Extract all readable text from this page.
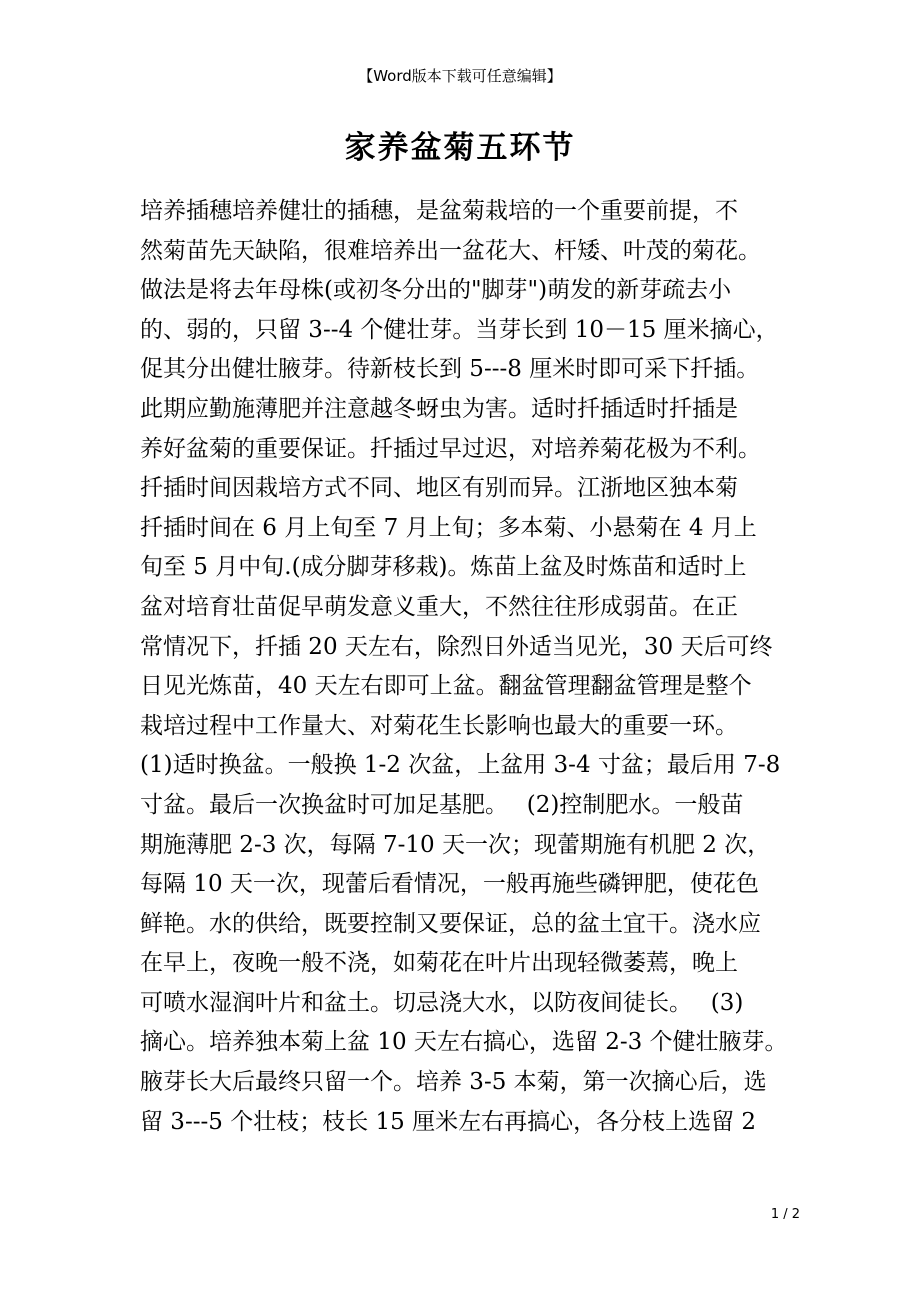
【Word版本下载可任意编辑】
家养盆菊五环节
培养插穗培养健壮的插穗，是盆菊栽培的一个重要前提，不
然菊苗先天缺陷，很难培养出一盆花大、杆矮、叶茂的菊花。
做法是将去年母株(或初冬分出的"脚芽")萌发的新芽疏去小
的、弱的，只留 3--4 个健壮芽。当芽长到 10－15 厘米摘心，
促其分出健壮腋芽。待新枝长到 5---8 厘米时即可采下扦插。
此期应勤施薄肥并注意越冬蚜虫为害。适时扦插适时扦插是
养好盆菊的重要保证。扦插过早过迟，对培养菊花极为不利。
扦插时间因栽培方式不同、地区有别而异。江浙地区独本菊
扦插时间在 6 月上旬至 7 月上旬；多本菊、小悬菊在 4 月上
旬至 5 月中旬.(成分脚芽移栽)。炼苗上盆及时炼苗和适时上
盆对培育壮苗促早萌发意义重大，不然往往形成弱苗。在正
常情况下，扦插 20 天左右，除烈日外适当见光，30 天后可终
日见光炼苗，40 天左右即可上盆。翻盆管理翻盆管理是整个
栽培过程中工作量大、对菊花生长影响也最大的重要一环。
(1)适时换盆。一般换 1-2 次盆，上盆用 3-4 寸盆；最后用 7-8
寸盆。最后一次换盆时可加足基肥。　 (2)控制肥水。一般苗
期施薄肥 2-3 次，每隔 7-10 天一次；现蕾期施有机肥 2 次，
每隔 10 天一次，现蕾后看情况，一般再施些磷钾肥，使花色
鲜艳。水的供给，既要控制又要保证，总的盆土宜干。浇水应
在早上，夜晚一般不浇，如菊花在叶片出现轻微萎蔫，晚上
可喷水湿润叶片和盆土。切忌浇大水，以防夜间徒长。　 (3)
摘心。培养独本菊上盆 10 天左右搞心，选留 2-3 个健壮腋芽。
腋芽长大后最终只留一个。培养 3-5 本菊，第一次摘心后，选
留 3---5 个壮枝；枝长 15 厘米左右再搞心，各分枝上选留 2
1 / 2
